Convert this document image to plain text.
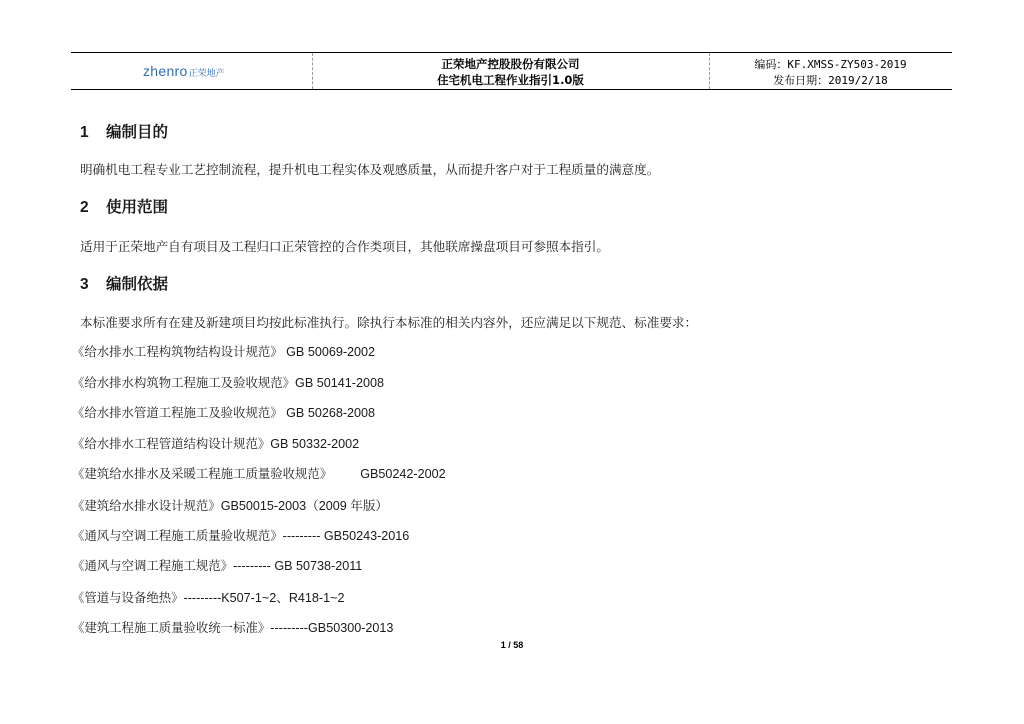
zhenro 正荣地产
正荣地产控股股份有限公司
住宅机电工程作业指引1.0版
编码：KF.XMSS-ZY503-2019
发布日期：2019/2/18
1 编制目的
明确机电工程专业工艺控制流程，提升机电工程实体及观感质量，从而提升客户对于工程质量的满意度。
2 使用范围
适用于正荣地产自有项目及工程归口正荣管控的合作类项目，其他联席操盘项目可参照本指引。
3 编制依据
本标准要求所有在建及新建项目均按此标准执行。除执行本标准的相关内容外，还应满足以下规范、标准要求：
《给水排水工程构筑物结构设计规范》 GB 50069-2002
《给水排水构筑物工程施工及验收规范》GB 50141-2008
《给水排水管道工程施工及验收规范》 GB 50268-2008
《给水排水工程管道结构设计规范》GB 50332-2002
《建筑给水排水及采暖工程施工质量验收规范》        GB50242-2002
《建筑给水排水设计规范》GB50015-2003（2009 年版）
《通风与空调工程施工质量验收规范》--------- GB50243-2016
《通风与空调工程施工规范》--------- GB 50738-2011
《管道与设备绝热》---------K507-1~2、R418-1~2
《建筑工程施工质量验收统一标准》---------GB50300-2013
1 / 58
